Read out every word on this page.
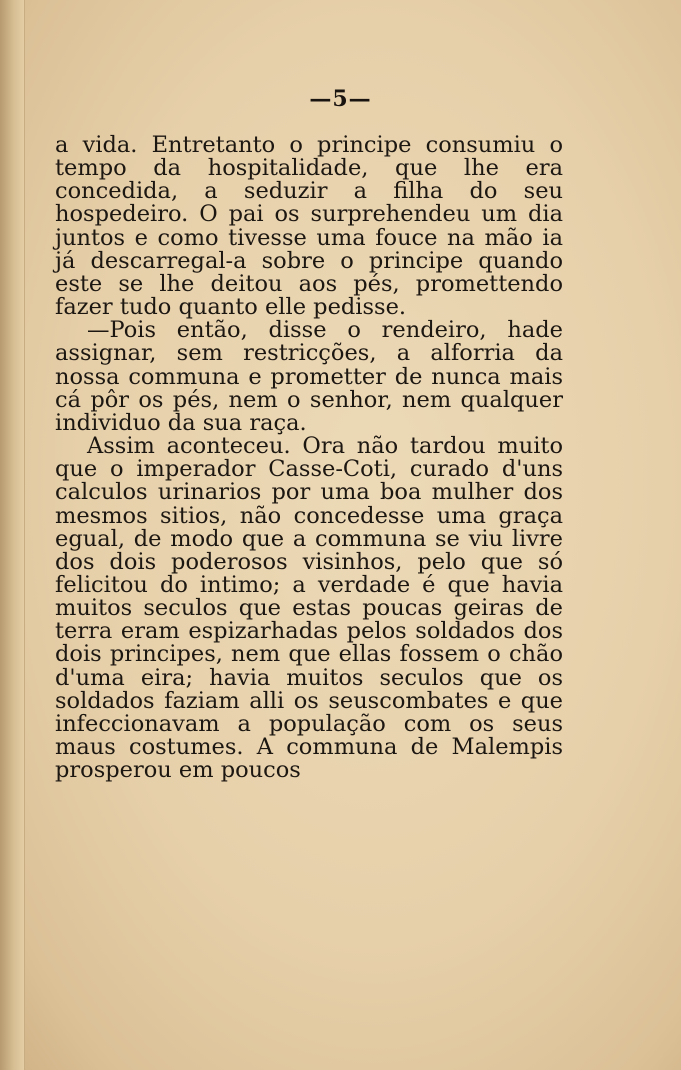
—5—

a vida. Entretanto o principe consumiu o tempo da hospitalidade, que lhe era concedida, a seduzir a filha do seu hospedeiro. O pai os surprehendeu um dia juntos e como tivesse uma fouce na mão ia já descarregal-a sobre o principe quando este se lhe deitou aos pés, promettendo fazer tudo quanto elle pedisse.

—Pois então, disse o rendeiro, hade assignar, sem restricções, a alforria da nossa communa e prometter de nunca mais cá pôr os pés, nem o senhor, nem qualquer individuo da sua raça.

Assim aconteceu. Ora não tardou muito que o imperador Casse-Coti, curado d'uns calculos urinarios por uma boa mulher dos mesmos sitios, não concedesse uma graça egual, de modo que a communa se viu livre dos dois poderosos visinhos, pelo que só felicitou do intimo; a verdade é que havia muitos seculos que estas poucas geiras de terra eram espizarhadas pelos soldados dos dois principes, nem que ellas fossem o chão d'uma eira; havia muitos seculos que os soldados faziam alli os seuscombates e que infeccionavam a população com os seus maus costumes. A communa de Malempis prosperou em poucos
